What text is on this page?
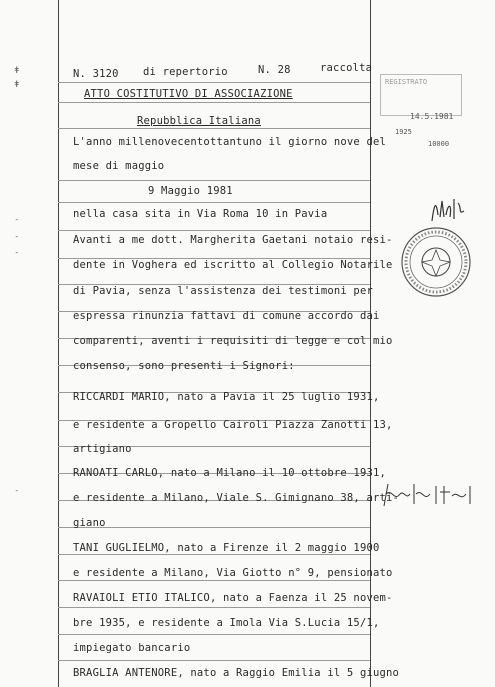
ǂ
ǂ
˗
˗
˗
˗
N. 3120 di repertorio	N. 28	raccolta
ATTO COSTITUTIVO DI ASSOCIAZIONE
Repubblica Italiana
L'anno millenovecentottantuno il giorno nove del
mese di maggio
9 Maggio 1981
nella casa sita in Via Roma 10 in Pavia
Avanti a me dott. Margherita Gaetani notaio resi-
dente in Voghera ed iscritto al Collegio Notarile
di Pavia, senza l'assistenza dei testimoni per
espressa rinunzia fattavi di comune accordo dai
comparenti, aventi i requisiti di legge e col mio
consenso, sono presenti i Signori:
RICCARDI MARIO, nato a Pavia il 25 luglio 1931,
e residente a Gropello Cairoli Piazza Zanotti 13,
artigiano
RANOATI CARLO, nato a Milano il 10 ottobre 1931,
e residente a Milano, Viale S. Gimignano 38, arti-
giano
TANI GUGLIELMO, nato a Firenze il 2 maggio 1900
e residente a Milano, Via Giotto n° 9, pensionato
RAVAIOLI ETIO ITALICO, nato a Faenza il 25 novem-
bre 1935, e residente a Imola Via S.Lucia 15/1,
impiegato bancario
BRAGLIA ANTENORE, nato a Raggio Emilia il 5 giugno
REGISTRATO
14.5.1981
1925
10000
